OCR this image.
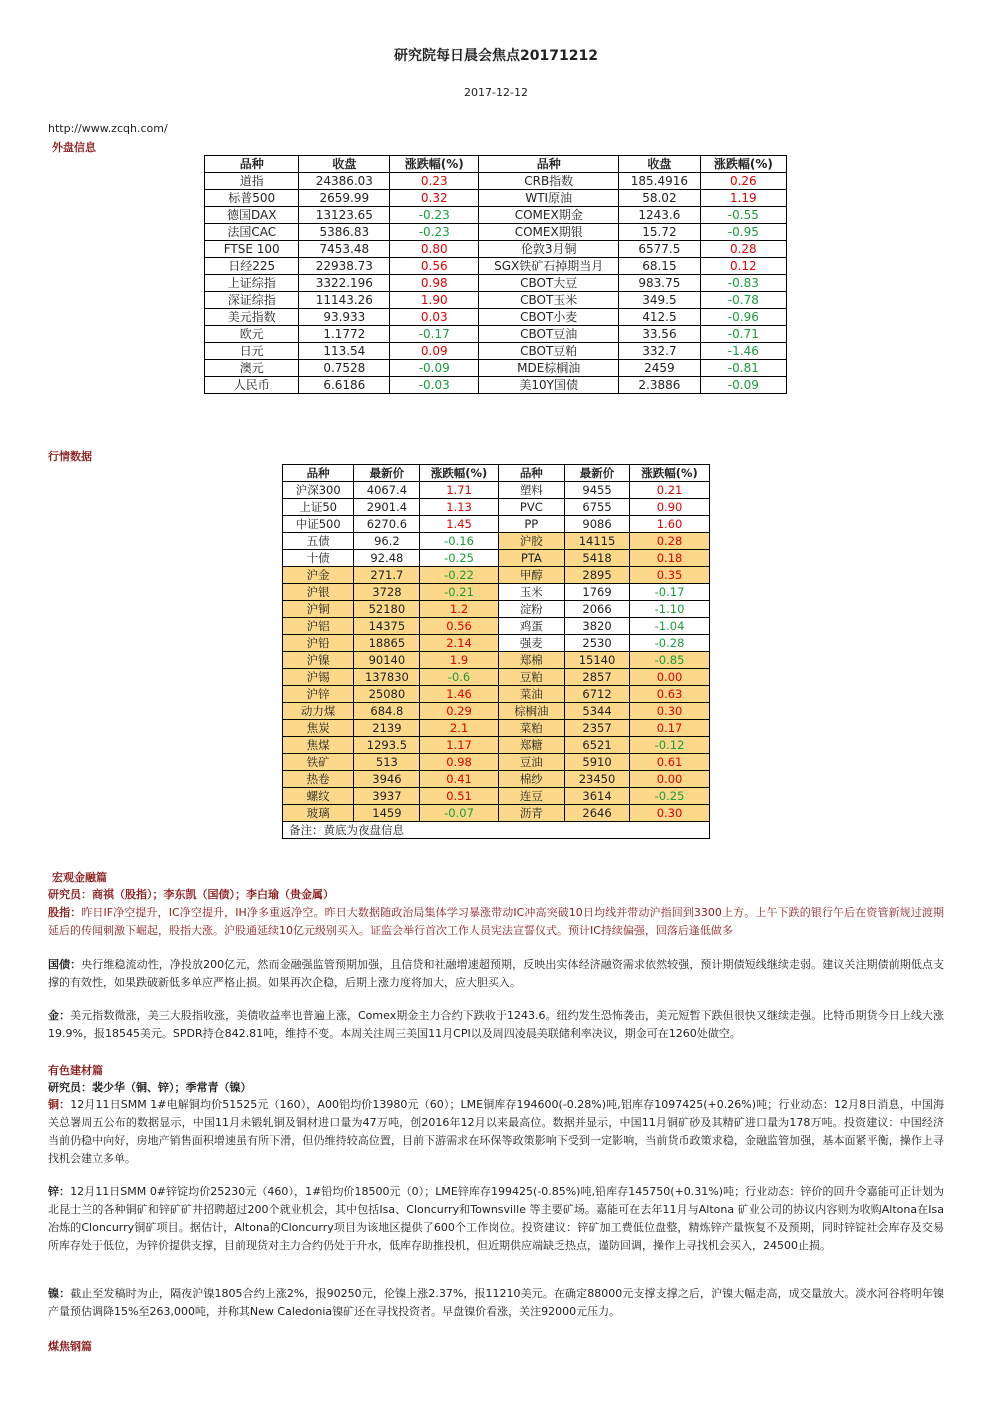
研究院每日晨会焦点20171212
2017-12-12
http://www.zcqh.com/
外盘信息
品种	收盘	涨跌幅(%)	品种	收盘	涨跌幅(%)
道指	24386.03	0.23	CRB指数	185.4916	0.26
标普500	2659.99	0.32	WTI原油	58.02	1.19
德国DAX	13123.65	-0.23	COMEX期金	1243.6	-0.55
法国CAC	5386.83	-0.23	COMEX期银	15.72	-0.95
FTSE 100	7453.48	0.80	伦敦3月铜	6577.5	0.28
日经225	22938.73	0.56	SGX铁矿石掉期当月	68.15	0.12
上证综指	3322.196	0.98	CBOT大豆	983.75	-0.83
深证综指	11143.26	1.90	CBOT玉米	349.5	-0.78
美元指数	93.933	0.03	CBOT小麦	412.5	-0.96
欧元	1.1772	-0.17	CBOT豆油	33.56	-0.71
日元	113.54	0.09	CBOT豆粕	332.7	-1.46
澳元	0.7528	-0.09	MDE棕榈油	2459	-0.81
人民币	6.6186	-0.03	美10Y国债	2.3886	-0.09
行情数据
品种	最新价	涨跌幅(%)	品种	最新价	涨跌幅(%)
沪深300	4067.4	1.71	塑料	9455	0.21
上证50	2901.4	1.13	PVC	6755	0.90
中证500	6270.6	1.45	PP	9086	1.60
五债	96.2	-0.16	沪胶	14115	0.28
十债	92.48	-0.25	PTA	5418	0.18
沪金	271.7	-0.22	甲醇	2895	0.35
沪银	3728	-0.21	玉米	1769	-0.17
沪铜	52180	1.2	淀粉	2066	-1.10
沪铝	14375	0.56	鸡蛋	3820	-1.04
沪铅	18865	2.14	强麦	2530	-0.28
沪镍	90140	1.9	郑棉	15140	-0.85
沪锡	137830	-0.6	豆粕	2857	0.00
沪锌	25080	1.46	菜油	6712	0.63
动力煤	684.8	0.29	棕榈油	5344	0.30
焦炭	2139	2.1	菜粕	2357	0.17
焦煤	1293.5	1.17	郑糖	6521	-0.12
铁矿	513	0.98	豆油	5910	0.61
热卷	3946	0.41	棉纱	23450	0.00
螺纹	3937	0.51	连豆	3614	-0.25
玻璃	1459	-0.07	沥青	2646	0.30
备注：黄底为夜盘信息					
宏观金融篇
研究员：商祺（股指）；李东凯（国债）；李白瑜（贵金属）
股指：昨日IF净空提升，IC净空提升，IH净多重返净空。昨日大数据随政治局集体学习暴涨带动IC冲高突破10日均线并带动沪指回到3300上方。上午下跌的银行午后在资管新规过渡期延后的传闻刺激下崛起，股指大涨。沪股通延续10亿元级别买入。证监会举行首次工作人员宪法宣誓仪式。预计IC持续偏强，回落后逢低做多
国债：央行维稳流动性，净投放200亿元，然而金融强监管预期加强，且信贷和社融增速超预期，反映出实体经济融资需求依然较强，预计期债短线继续走弱。建议关注期债前期低点支撑的有效性，如果跌破新低多单应严格止损。如果再次企稳，后期上涨力度将加大，应大胆买入。
金：美元指数微涨，美三大股指收涨，美债收益率也普遍上涨，Comex期金主力合约下跌收于1243.6。纽约发生恐怖袭击，美元短暂下跌但很快又继续走强。比特币期货今日上线大涨19.9%，报18545美元。SPDR持仓842.81吨，维持不变。本周关注周三美国11月CPI以及周四凌晨美联储利率决议，期金可在1260处做空。
有色建材篇
研究员：裴少华（铜、锌）；季常青（镍）
铜：12月11日SMM 1#电解铜均价51525元（160），A00铝均价13980元（60）；LME铜库存194600(-0.28%)吨,铝库存1097425(+0.26%)吨；行业动态：12月8日消息，中国海关总署周五公布的数据显示，中国11月未锻轧铜及铜材进口量为47万吨，创2016年12月以来最高位。数据并显示，中国11月铜矿砂及其精矿进口量为178万吨。投资建议：中国经济当前仍稳中向好，房地产销售面积增速虽有所下滑，但仍维持较高位置，目前下游需求在环保等政策影响下受到一定影响，当前货币政策求稳，金融监管加强，基本面紧平衡，操作上寻找机会建立多单。
锌：12月11日SMM 0#锌锭均价25230元（460），1#铅均价18500元（0）；LME锌库存199425(-0.85%)吨,铅库存145750(+0.31%)吨；行业动态：锌价的回升令嘉能可正计划为北昆士兰的各种铜矿和锌矿矿井招聘超过200个就业机会，其中包括Isa、Cloncurry和Townsville 等主要矿场。嘉能可在去年11月与Altona 矿业公司的协议内容则为收购Altona在Isa冶炼的Cloncurry铜矿项目。据估计，Altona的Cloncurry项目为该地区提供了600个工作岗位。投资建议：锌矿加工费低位盘整，精炼锌产量恢复不及预期，同时锌锭社会库存及交易所库存处于低位，为锌价提供支撑，目前现货对主力合约仍处于升水，低库存助推投机，但近期供应端缺乏热点，谨防回调，操作上寻找机会买入，24500止损。
镍：截止至发稿时为止，隔夜沪镍1805合约上涨2%，报90250元，伦镍上涨2.37%，报11210美元。在确定88000元支撑支撑之后，沪镍大幅走高，成交量放大。淡水河谷将明年镍产量预估调降15%至263,000吨，并称其New Caledonia镍矿还在寻找投资者。早盘镍价看涨，关注92000元压力。
煤焦钢篇
